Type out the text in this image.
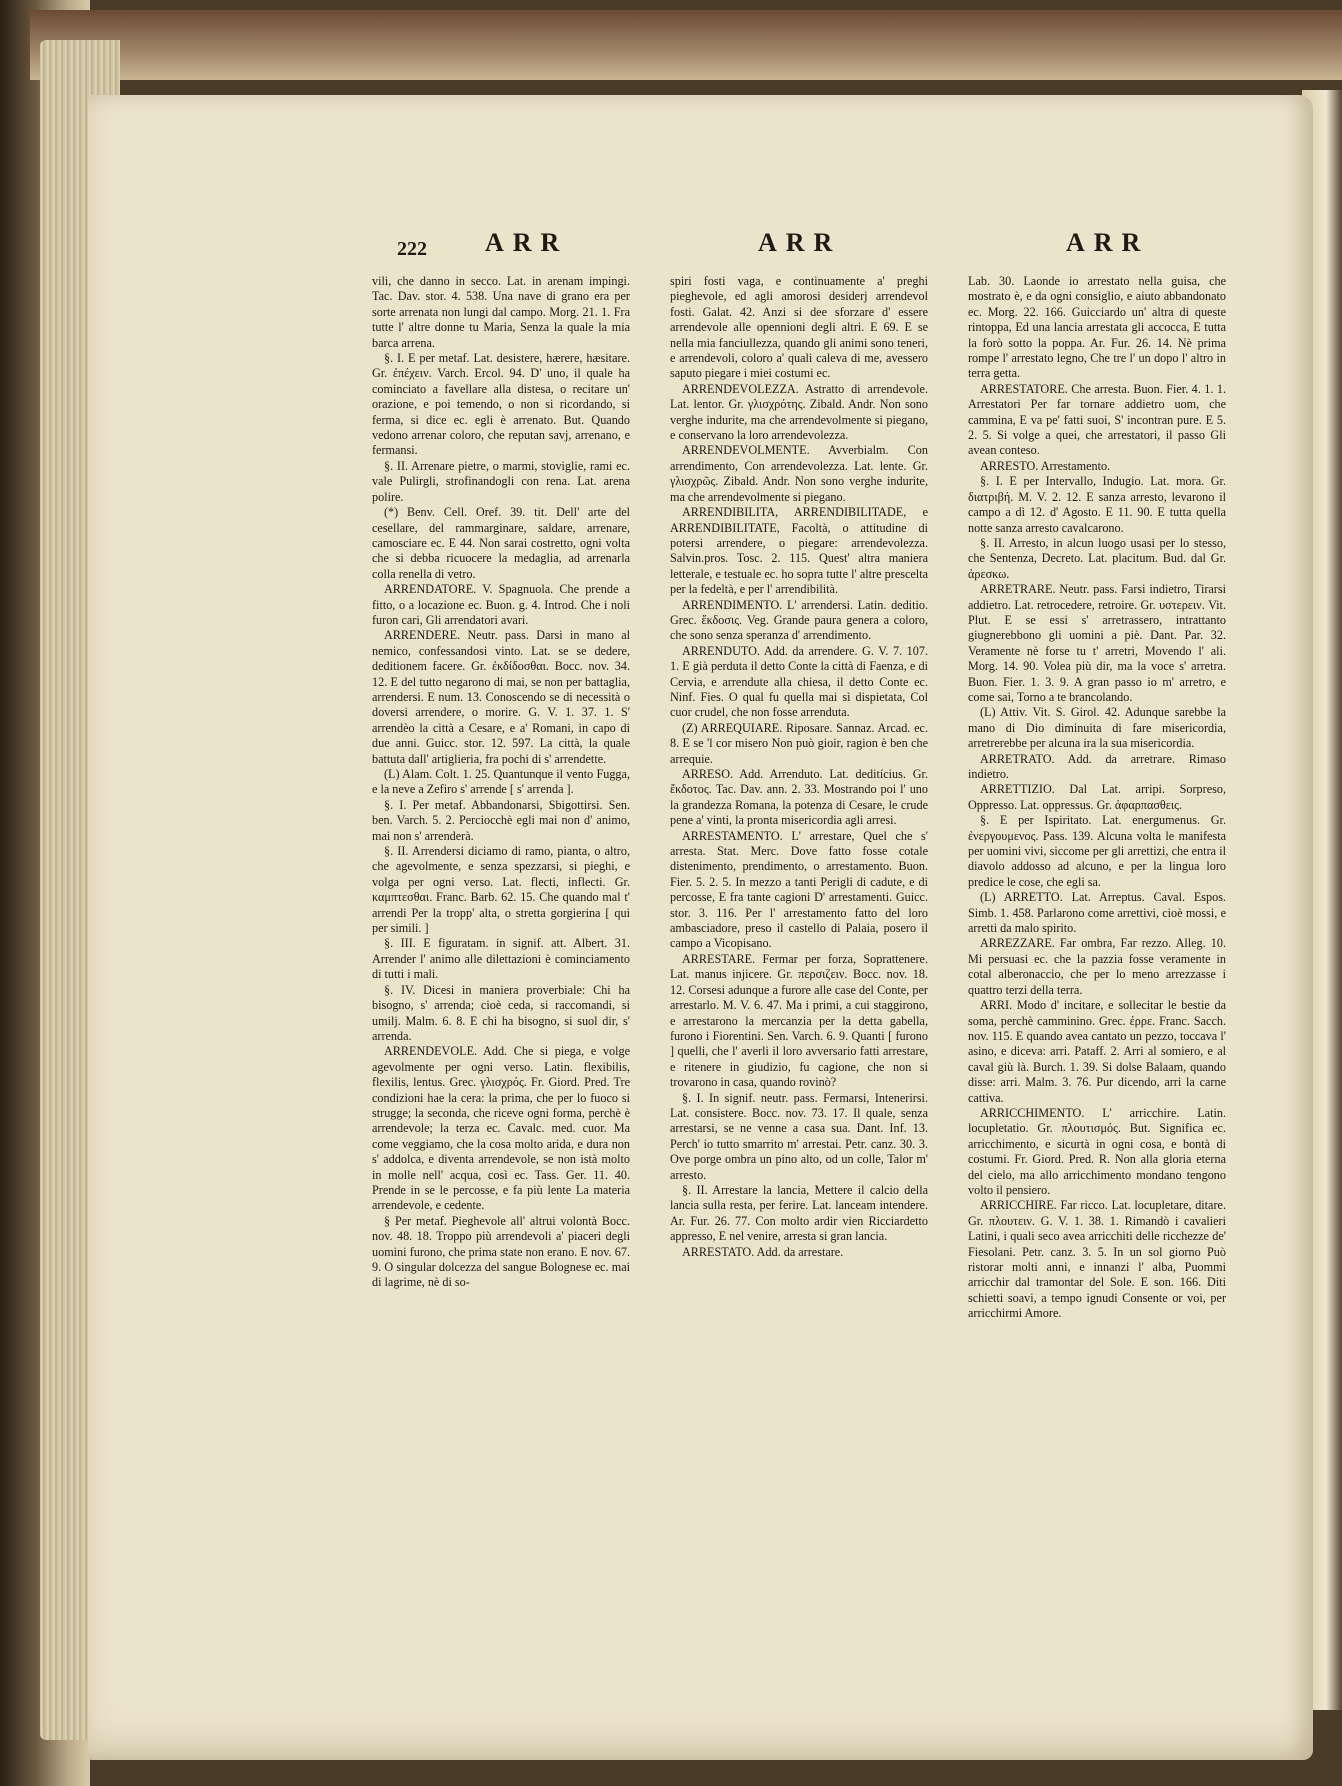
222 ARR	ARR	ARR

vili, che danno in secco. Lat. in arenam impingi. Tac. Dav. stor. 4. 538. Una nave di grano era per sorte arrenata non lungi dal campo. Morg. 21. 1. Fra tutte l' altre donne tu Maria, Senza la quale la mia barca arrena.

§. I. E per metaf. Lat. desistere, hærere, hæsitare. Gr. ἐπέχειν. Varch. Ercol. 94. D' uno, il quale ha cominciato a favellare alla distesa, o recitare un' orazione, e poi temendo, o non si ricordando, si ferma, si dice ec. egli è arrenato. But. Quando vedono arrenar coloro, che reputan savj, arrenano, e fermansi.

§. II. Arrenare pietre, o marmi, stoviglie, rami ec. vale Pulirgli, strofinandogli con rena. Lat. arena polire.

(*) Benv. Cell. Oref. 39. tit. Dell' arte del cesellare, del rammarginare, saldare, arrenare, camosciare ec. E 44. Non sarai costretto, ogni volta che si debba ricuocere la medaglia, ad arrenarla colla renella di vetro.

ARRENDATORE. V. Spagnuola. Che prende a fitto, o a locazione ec. Buon. g. 4. Introd. Che i noli furon cari, Gli arrendatori avari.

ARRENDERE. Neutr. pass. Darsi in mano al nemico, confessandosi vinto. Lat. se se dedere, deditionem facere. Gr. ἐκδίδοσθαι. Bocc. nov. 34. 12. E del tutto negarono di mai, se non per battaglia, arrendersi. E num. 13. Conoscendo se di necessità o doversi arrendere, o morire. G. V. 1. 37. 1. S' arrendèo la città a Cesare, e a' Romani, in capo di due anni. Guicc. stor. 12. 597. La città, la quale battuta dall' artiglieria, fra pochi di s' arrendette.

(L) Alam. Colt. 1. 25. Quantunque il vento Fugga, e la neve a Zefiro s' arrende [ s' arrenda ].

§. I. Per metaf. Abbandonarsi, Sbigottirsi. Sen. ben. Varch. 5. 2. Perciocchè egli mai non d' animo, mai non s' arrenderà.

§. II. Arrendersi diciamo di ramo, pianta, o altro, che agevolmente, e senza spezzarsi, si pieghi, e volga per ogni verso. Lat. flecti, inflecti. Gr. καμπτεσθαι. Franc. Barb. 62. 15. Che quando mal t' arrendi Per la tropp' alta, o stretta gorgierina [ qui per simili. ]

§. III. E figuratam. in signif. att. Albert. 31. Arrender l' animo alle dilettazioni è cominciamento di tutti i mali.

§. IV. Dicesi in maniera proverbiale: Chi ha bisogno, s' arrenda; cioè ceda, si raccomandi, si umilj. Malm. 6. 8. E chi ha bisogno, si suol dir, s' arrenda.

ARRENDEVOLE. Add. Che si piega, e volge agevolmente per ogni verso. Latin. flexibilis, flexilis, lentus. Grec. γλισχρός. Fr. Giord. Pred. Tre condizioni hae la cera: la prima, che per lo fuoco si strugge; la seconda, che riceve ogni forma, perchè è arrendevole; la terza ec. Cavalc. med. cuor. Ma come veggiamo, che la cosa molto arida, e dura non s' addolca, e diventa arrendevole, se non istà molto in molle nell' acqua, così ec. Tass. Ger. 11. 40. Prende in se le percosse, e fa più lente La materia arrendevole, e cedente.

§ Per metaf. Pieghevole all' altrui volontà Bocc. nov. 48. 18. Troppo più arrendevoli a' piaceri degli uomini furono, che prima state non erano. E nov. 67. 9. O singular dolcezza del sangue Bolognese ec. mai di lagrime, nè di so-

spiri fosti vaga, e continuamente a' preghi pieghevole, ed agli amorosi desiderj arrendevol fosti. Galat. 42. Anzi si dee sforzare d' essere arrendevole alle opennioni degli altri. E 69. E se nella mia fanciullezza, quando gli animi sono teneri, e arrendevoli, coloro a' quali caleva di me, avessero saputo piegare i miei costumi ec.

ARRENDEVOLEZZA. Astratto di arrendevole. Lat. lentor. Gr. γλισχρότης. Zibald. Andr. Non sono verghe indurite, ma che arrendevolmente si piegano, e conservano la loro arrendevolezza.

ARRENDEVOLMENTE. Avverbialm. Con arrendimento, Con arrendevolezza. Lat. lente. Gr. γλισχρῶς. Zibald. Andr. Non sono verghe indurite, ma che arrendevolmente si piegano.

ARRENDIBILITA, ARRENDIBILITADE, e ARRENDIBILITATE, Facoltà, o attitudine di potersi arrendere, o piegare: arrendevolezza. Salvin.pros. Tosc. 2. 115. Quest' altra maniera letterale, e testuale ec. ho sopra tutte l' altre prescelta per la fedeltà, e per l' arrendibilità.

ARRENDIMENTO. L' arrendersi. Latin. deditio. Grec. ἔκδοσις. Veg. Grande paura genera a coloro, che sono senza speranza d' arrendimento.

ARRENDUTO. Add. da arrendere. G. V. 7. 107. 1. E già perduta il detto Conte la città di Faenza, e di Cervia, e arrendute alla chiesa, il detto Conte ec. Ninf. Fies. O qual fu quella mai sì dispietata, Col cuor crudel, che non fosse arrenduta.

(Z) ARREQUIARE. Riposare. Sannaz. Arcad. ec. 8. E se 'l cor misero Non può gioir, ragion è ben che arrequie.

ARRESO. Add. Arrenduto. Lat. deditícius. Gr. ἔκδοτος. Tac. Dav. ann. 2. 33. Mostrando poi l' uno la grandezza Romana, la potenza di Cesare, le crude pene a' vinti, la pronta misericordia agli arresi.

ARRESTAMENTO. L' arrestare, Quel che s' arresta. Stat. Merc. Dove fatto fosse cotale distenimento, prendimento, o arrestamento. Buon. Fier. 5. 2. 5. In mezzo a tanti Perigli di cadute, e di percosse, E fra tante cagioni D' arrestamenti. Guicc. stor. 3. 116. Per l' arrestamento fatto del loro ambasciadore, preso il castello di Palaia, posero il campo a Vicopisano.

ARRESTARE. Fermar per forza, Soprattenere. Lat. manus injicere. Gr. περσιζειν. Bocc. nov. 18. 12. Corsesi adunque a furore alle case del Conte, per arrestarlo. M. V. 6. 47. Ma i primi, a cui staggirono, e arrestarono la mercanzia per la detta gabella, furono i Fiorentini. Sen. Varch. 6. 9. Quanti [ furono ] quelli, che l' averli il loro avversario fatti arrestare, e ritenere in giudizio, fu cagione, che non si trovarono in casa, quando rovinò?

§. I. In signif. neutr. pass. Fermarsi, Intenerirsi. Lat. consistere. Bocc. nov. 73. 17. Il quale, senza arrestarsi, se ne venne a casa sua. Dant. Inf. 13. Perch' io tutto smarrito m' arrestai. Petr. canz. 30. 3. Ove porge ombra un pino alto, od un colle, Talor m' arresto.

§. II. Arrestare la lancia, Mettere il calcio della lancia sulla resta, per ferire. Lat. lanceam intendere. Ar. Fur. 26. 77. Con molto ardir vien Ricciardetto appresso, E nel venire, arresta si gran lancia.

ARRESTATO. Add. da arrestare.

Lab. 30. Laonde io arrestato nella guisa, che mostrato è, e da ogni consiglio, e aiuto abbandonato ec. Morg. 22. 166. Guicciardo un' altra di queste rintoppa, Ed una lancia arrestata gli accocca, E tutta la forò sotto la poppa. Ar. Fur. 26. 14. Nè prima rompe l' arrestato legno, Che tre l' un dopo l' altro in terra getta.

ARRESTATORE. Che arresta. Buon. Fier. 4. 1. 1. Arrestatori Per far tornare addietro uom, che cammina, E va pe' fatti suoi, S' incontran pure. E 5. 2. 5. Si volge a quei, che arrestatori, il passo Gli avean conteso.

ARRESTO. Arrestamento.

§. I. E per Intervallo, Indugio. Lat. mora. Gr. διατριβή. M. V. 2. 12. E sanza arresto, levarono il campo a dì 12. d' Agosto. E 11. 90. E tutta quella notte sanza arresto cavalcarono.

§. II. Arresto, in alcun luogo usasi per lo stesso, che Sentenza, Decreto. Lat. placitum. Bud. dal Gr. ἀρεσκω.

ARRETRARE. Neutr. pass. Farsi indietro, Tirarsi addietro. Lat. retrocedere, retroire. Gr. υστερειν. Vit. Plut. E se essi s' arretrassero, intrattanto giugnerebbono gli uomini a piè. Dant. Par. 32. Veramente nè forse tu t' arretri, Movendo l' ali. Morg. 14. 90. Volea più dir, ma la voce s' arretra. Buon. Fier. 1. 3. 9. A gran passo io m' arretro, e come sai, Torno a te brancolando.

(L) Attiv. Vit. S. Girol. 42. Adunque sarebbe la mano di Dio diminuita di fare misericordia, arretrerebbe per alcuna ira la sua misericordia.

ARRETRATO. Add. da arretrare. Rimaso indietro.

ARRETTIZIO. Dal Lat. arripi. Sorpreso, Oppresso. Lat. oppressus. Gr. ἀφαρπασθεις.

§. E per Ispiritato. Lat. energumenus. Gr. ἐνεργουμενος. Pass. 139. Alcuna volta le manifesta per uomini vivi, siccome per gli arrettizi, che entra il diavolo addosso ad alcuno, e per la lingua loro predice le cose, che egli sa.

(L) ARRETTO. Lat. Arreptus. Caval. Espos. Simb. 1. 458. Parlarono come arrettivi, cioè mossi, e arretti da malo spirito.

ARREZZARE. Far ombra, Far rezzo. Alleg. 10. Mi persuasi ec. che la pazzia fosse veramente in cotal alberonaccio, che per lo meno arrezzasse i quattro terzi della terra.

ARRI. Modo d' incitare, e sollecitar le bestie da soma, perchè camminino. Grec. ἐρρε. Franc. Sacch. nov. 115. E quando avea cantato un pezzo, toccava l' asino, e diceva: arri. Pataff. 2. Arri al somiero, e al caval giù là. Burch. 1. 39. Si dolse Balaam, quando disse: arri. Malm. 3. 76. Pur dicendo, arri la carne cattiva.

ARRICCHIMENTO. L' arricchire. Latin. locupletatio. Gr. πλουτισμός. But. Significa ec. arricchimento, e sicurtà in ogni cosa, e bontà di costumi. Fr. Giord. Pred. R. Non alla gloria eterna del cielo, ma allo arricchimento mondano tengono volto il pensiero.

ARRICCHIRE. Far ricco. Lat. locupletare, ditare. Gr. πλουτειν. G. V. 1. 38. 1. Rimandò i cavalieri Latini, i quali seco avea arricchiti delle ricchezze de' Fiesolani. Petr. canz. 3. 5. In un sol giorno Può ristorar molti anni, e innanzi l' alba, Puommi arricchir dal tramontar del Sole. E son. 166. Diti schietti soavi, a tempo ignudi Consente or voi, per arricchirmi Amore.
